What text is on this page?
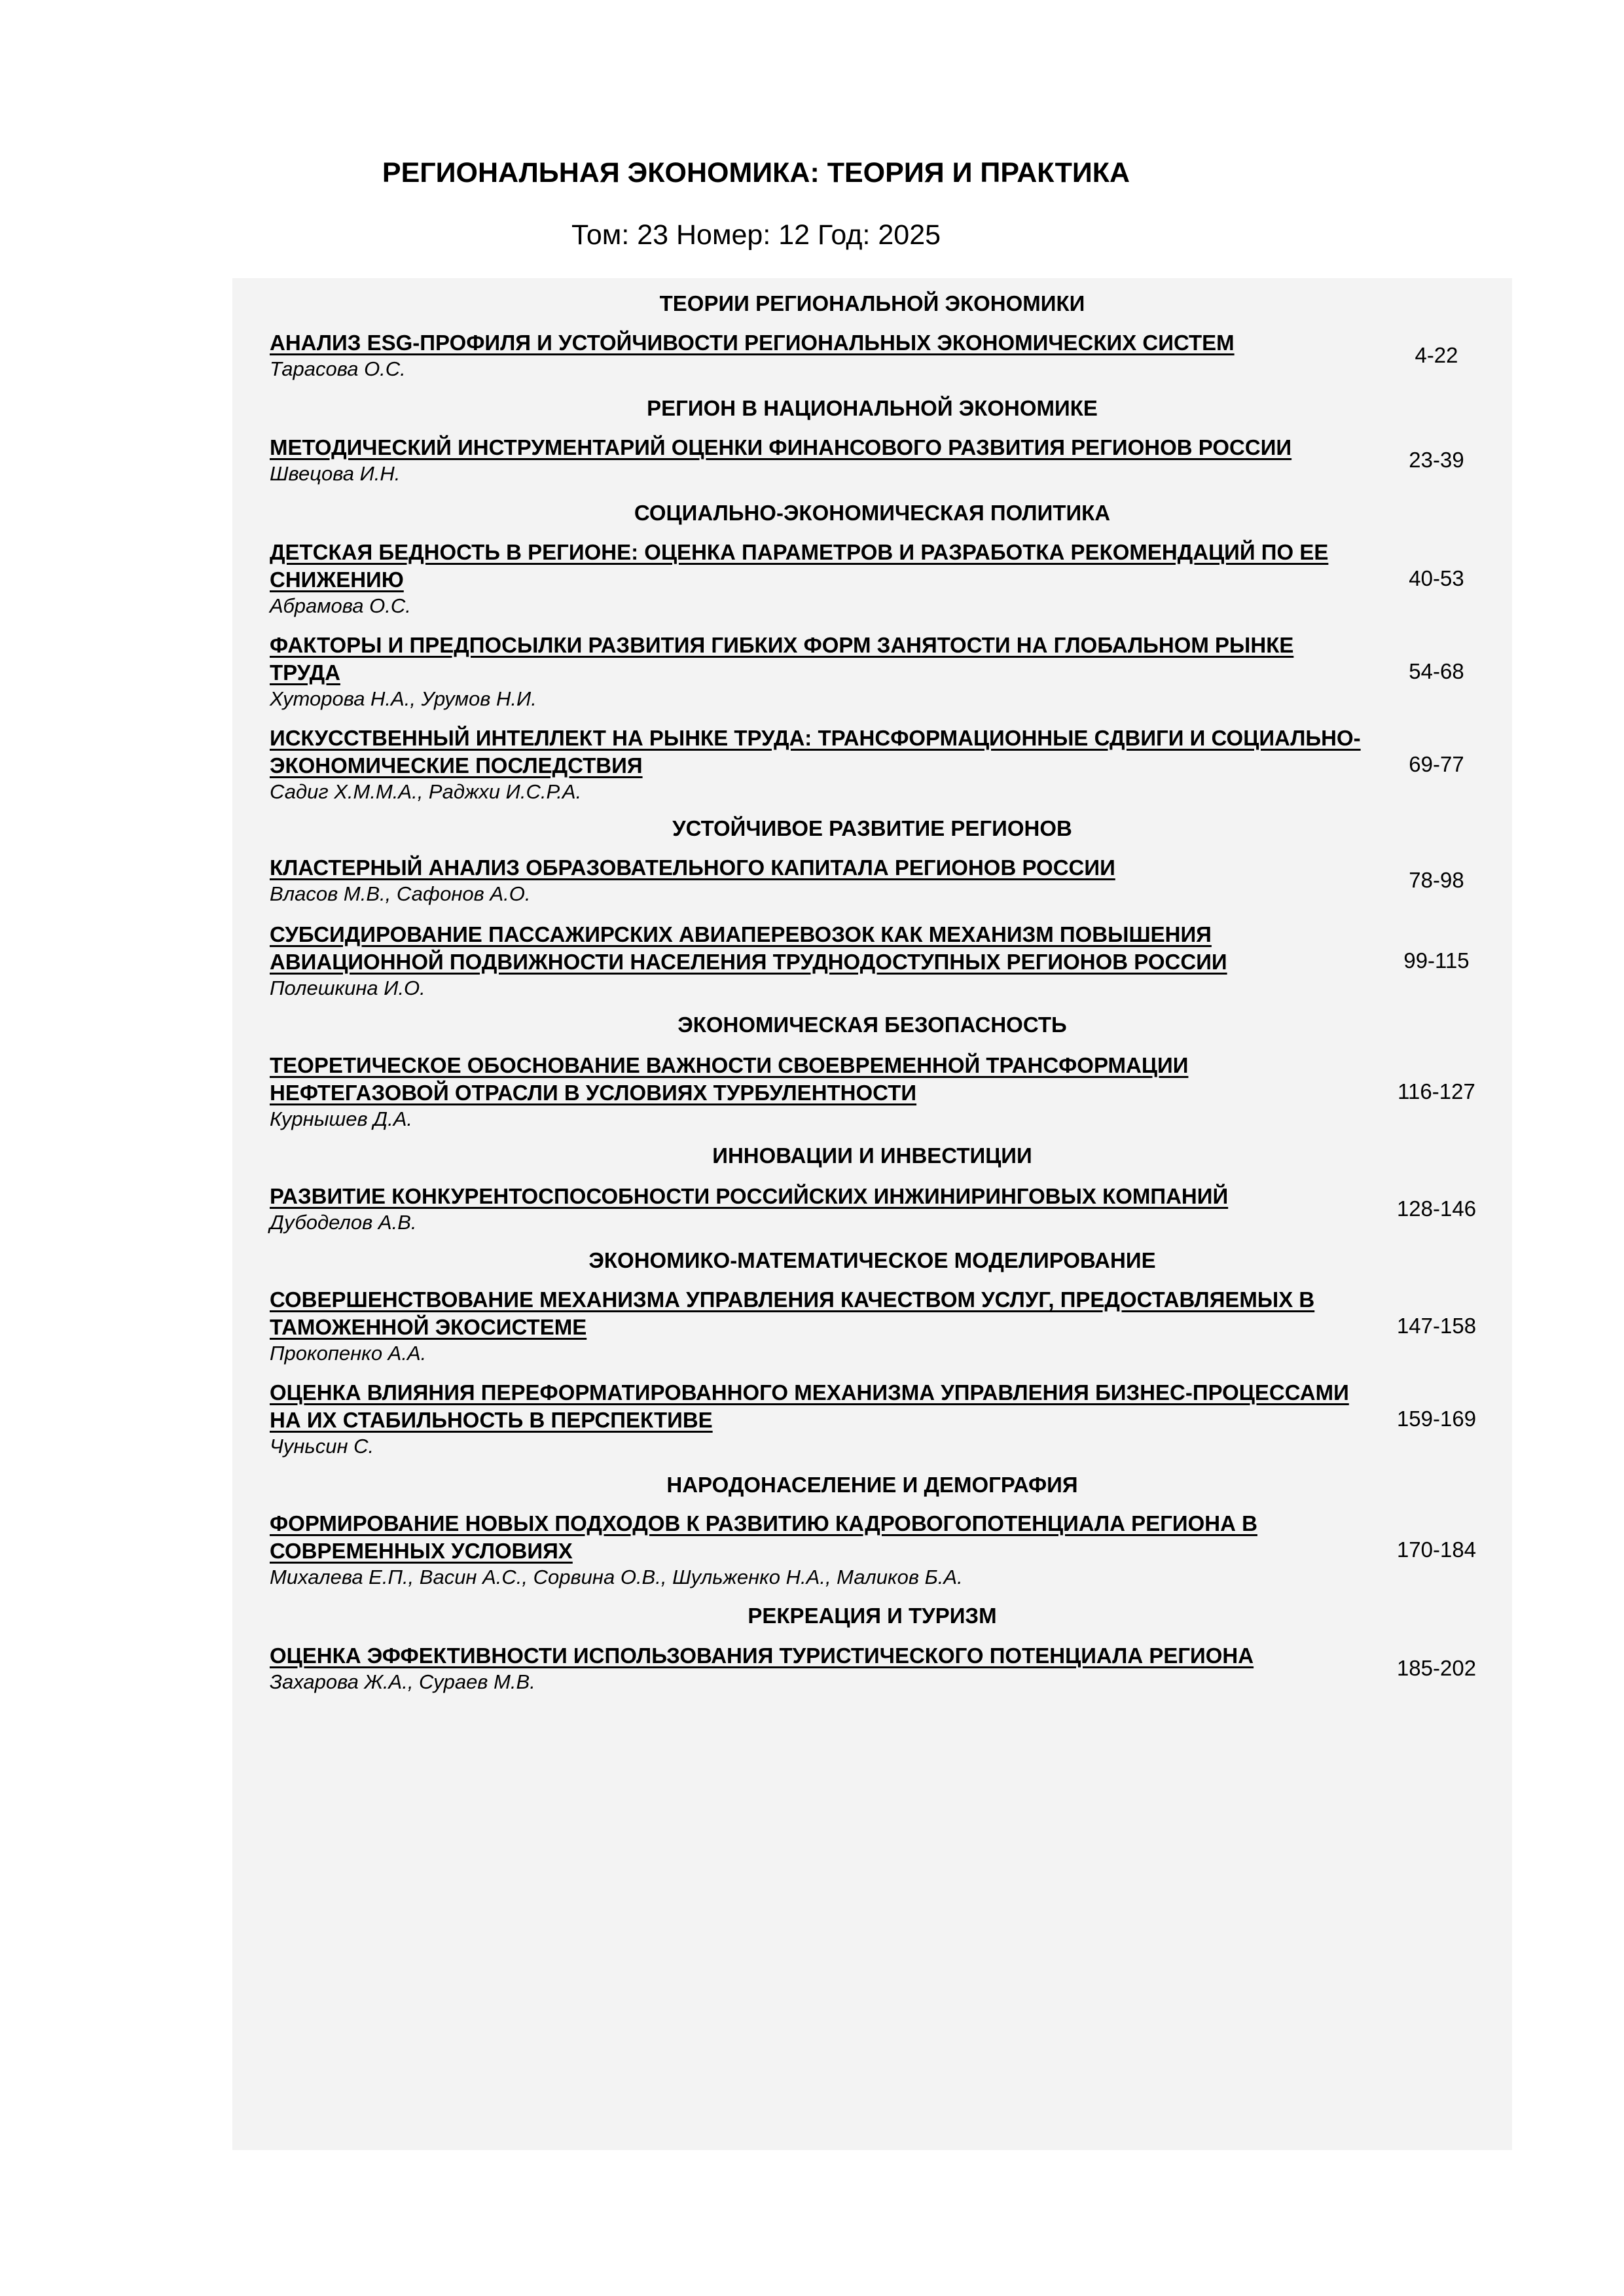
РЕГИОНАЛЬНАЯ ЭКОНОМИКА: ТЕОРИЯ И ПРАКТИКА
Том: 23 Номер: 12 Год: 2025
ТЕОРИИ РЕГИОНАЛЬНОЙ ЭКОНОМИКИ
АНАЛИЗ ESG-ПРОФИЛЯ И УСТОЙЧИВОСТИ РЕГИОНАЛЬНЫХ ЭКОНОМИЧЕСКИХ СИСТЕМ
Тарасова О.С.
4-22
РЕГИОН В НАЦИОНАЛЬНОЙ ЭКОНОМИКЕ
МЕТОДИЧЕСКИЙ ИНСТРУМЕНТАРИЙ ОЦЕНКИ ФИНАНСОВОГО РАЗВИТИЯ РЕГИОНОВ РОССИИ
Швецова И.Н.
23-39
СОЦИАЛЬНО-ЭКОНОМИЧЕСКАЯ ПОЛИТИКА
ДЕТСКАЯ БЕДНОСТЬ В РЕГИОНЕ: ОЦЕНКА ПАРАМЕТРОВ И РАЗРАБОТКА РЕКОМЕНДАЦИЙ ПО ЕЕ СНИЖЕНИЮ
Абрамова О.С.
40-53
ФАКТОРЫ И ПРЕДПОСЫЛКИ РАЗВИТИЯ ГИБКИХ ФОРМ ЗАНЯТОСТИ НА ГЛОБАЛЬНОМ РЫНКЕ ТРУДА
Хуторова Н.А., Урумов Н.И.
54-68
ИСКУССТВЕННЫЙ ИНТЕЛЛЕКТ НА РЫНКЕ ТРУДА: ТРАНСФОРМАЦИОННЫЕ СДВИГИ И СОЦИАЛЬНО-ЭКОНОМИЧЕСКИЕ ПОСЛЕДСТВИЯ
Садиг Х.М.М.А., Раджхи И.С.Р.А.
69-77
УСТОЙЧИВОЕ РАЗВИТИЕ РЕГИОНОВ
КЛАСТЕРНЫЙ АНАЛИЗ ОБРАЗОВАТЕЛЬНОГО КАПИТАЛА РЕГИОНОВ РОССИИ
Власов М.В., Сафонов А.О.
78-98
СУБСИДИРОВАНИЕ ПАССАЖИРСКИХ АВИАПЕРЕВОЗОК КАК МЕХАНИЗМ ПОВЫШЕНИЯ АВИАЦИОННОЙ ПОДВИЖНОСТИ НАСЕЛЕНИЯ ТРУДНОДОСТУПНЫХ РЕГИОНОВ РОССИИ
Полешкина И.О.
99-115
ЭКОНОМИЧЕСКАЯ БЕЗОПАСНОСТЬ
ТЕОРЕТИЧЕСКОЕ ОБОСНОВАНИЕ ВАЖНОСТИ СВОЕВРЕМЕННОЙ ТРАНСФОРМАЦИИ НЕФТЕГАЗОВОЙ ОТРАСЛИ В УСЛОВИЯХ ТУРБУЛЕНТНОСТИ
Курнышев Д.А.
116-127
ИННОВАЦИИ И ИНВЕСТИЦИИ
РАЗВИТИЕ КОНКУРЕНТОСПОСОБНОСТИ РОССИЙСКИХ ИНЖИНИРИНГОВЫХ КОМПАНИЙ
Дубоделов А.В.
128-146
ЭКОНОМИКО-МАТЕМАТИЧЕСКОЕ МОДЕЛИРОВАНИЕ
СОВЕРШЕНСТВОВАНИЕ МЕХАНИЗМА УПРАВЛЕНИЯ КАЧЕСТВОМ УСЛУГ, ПРЕДОСТАВЛЯЕМЫХ В ТАМОЖЕННОЙ ЭКОСИСТЕМЕ
Прокопенко А.А.
147-158
ОЦЕНКА ВЛИЯНИЯ ПЕРЕФОРМАТИРОВАННОГО МЕХАНИЗМА УПРАВЛЕНИЯ БИЗНЕС-ПРОЦЕССАМИ НА ИХ СТАБИЛЬНОСТЬ В ПЕРСПЕКТИВЕ
Чуньсин С.
159-169
НАРОДОНАСЕЛЕНИЕ И ДЕМОГРАФИЯ
ФОРМИРОВАНИЕ НОВЫХ ПОДХОДОВ К РАЗВИТИЮ КАДРОВОГОПОТЕНЦИАЛА РЕГИОНА В СОВРЕМЕННЫХ УСЛОВИЯХ
Михалева Е.П., Васин А.С., Сорвина О.В., Шульженко Н.А., Маликов Б.А.
170-184
РЕКРЕАЦИЯ И ТУРИЗМ
ОЦЕНКА ЭФФЕКТИВНОСТИ ИСПОЛЬЗОВАНИЯ ТУРИСТИЧЕСКОГО ПОТЕНЦИАЛА РЕГИОНА
Захарова Ж.А., Сураев М.В.
185-202
